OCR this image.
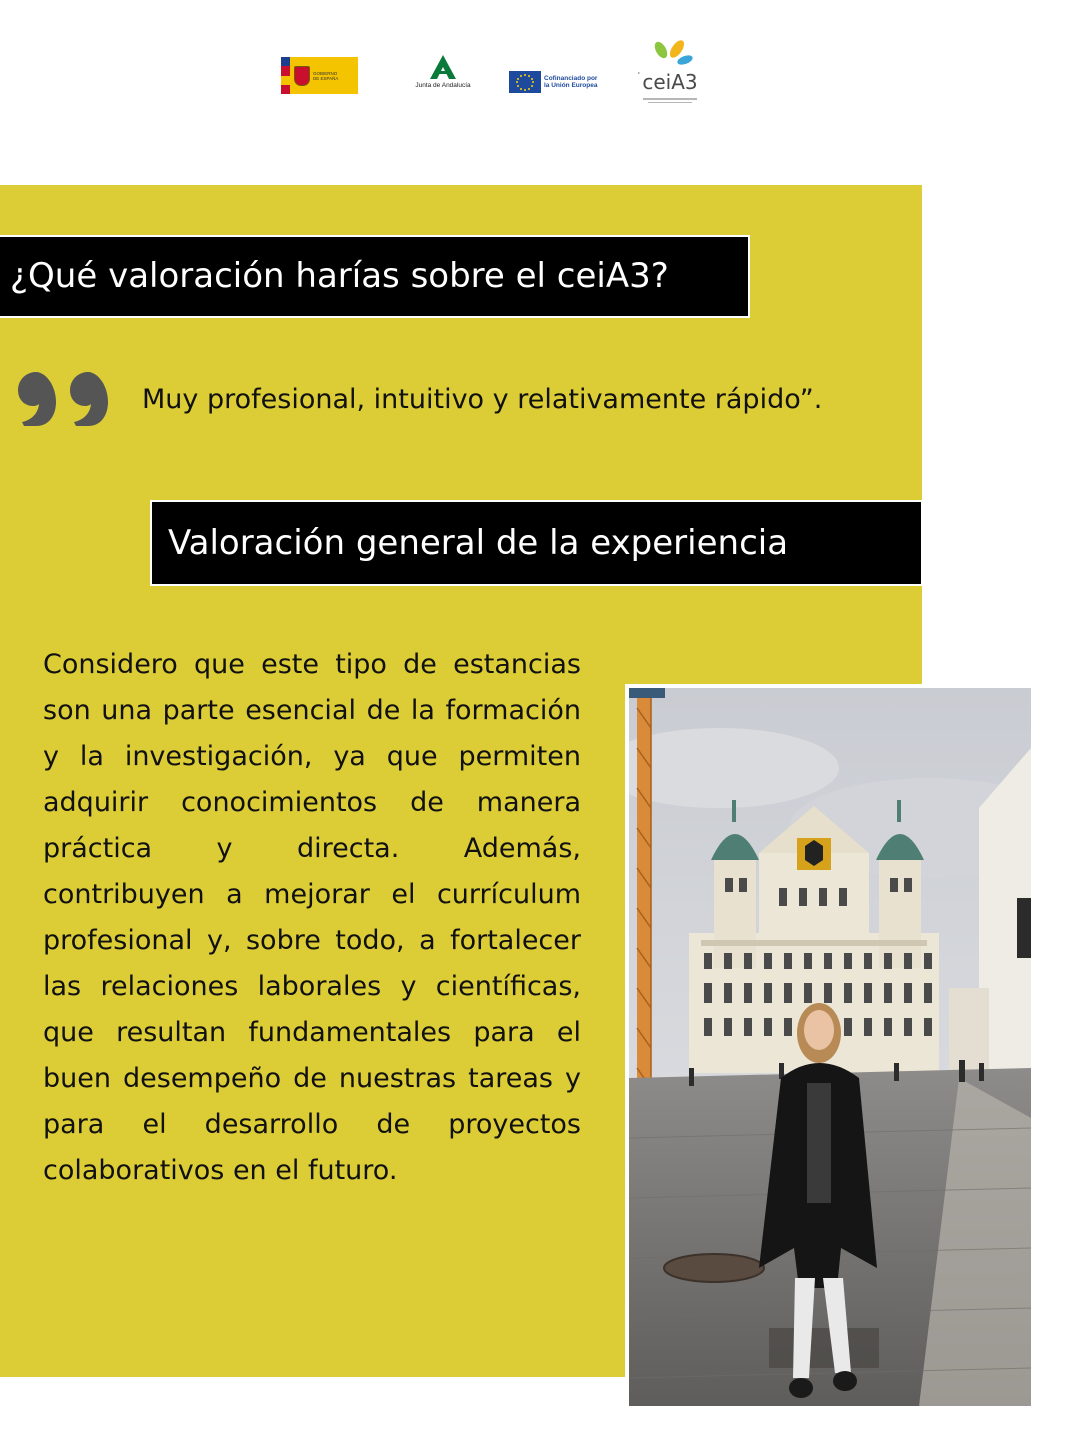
GOBIERNO DE ESPAÑA
Junta de Andalucía
Cofinanciado por
la Unión Europea	ceiA3
¿Qué valoración harías sobre el ceiA3?

Muy profesional, intuitivo y relativamente rápido”.

Valoración general de la experiencia

Considero que este tipo de estancias son una parte esencial de la formación y la investigación, ya que permiten adquirir conocimientos de manera práctica y directa. Además, contribuyen a mejorar el currículum profesional y, sobre todo, a fortalecer las relaciones laborales y científicas, que resultan fundamentales para el buen desempeño de nuestras tareas y para el desarrollo de proyectos colaborativos en el futuro.
